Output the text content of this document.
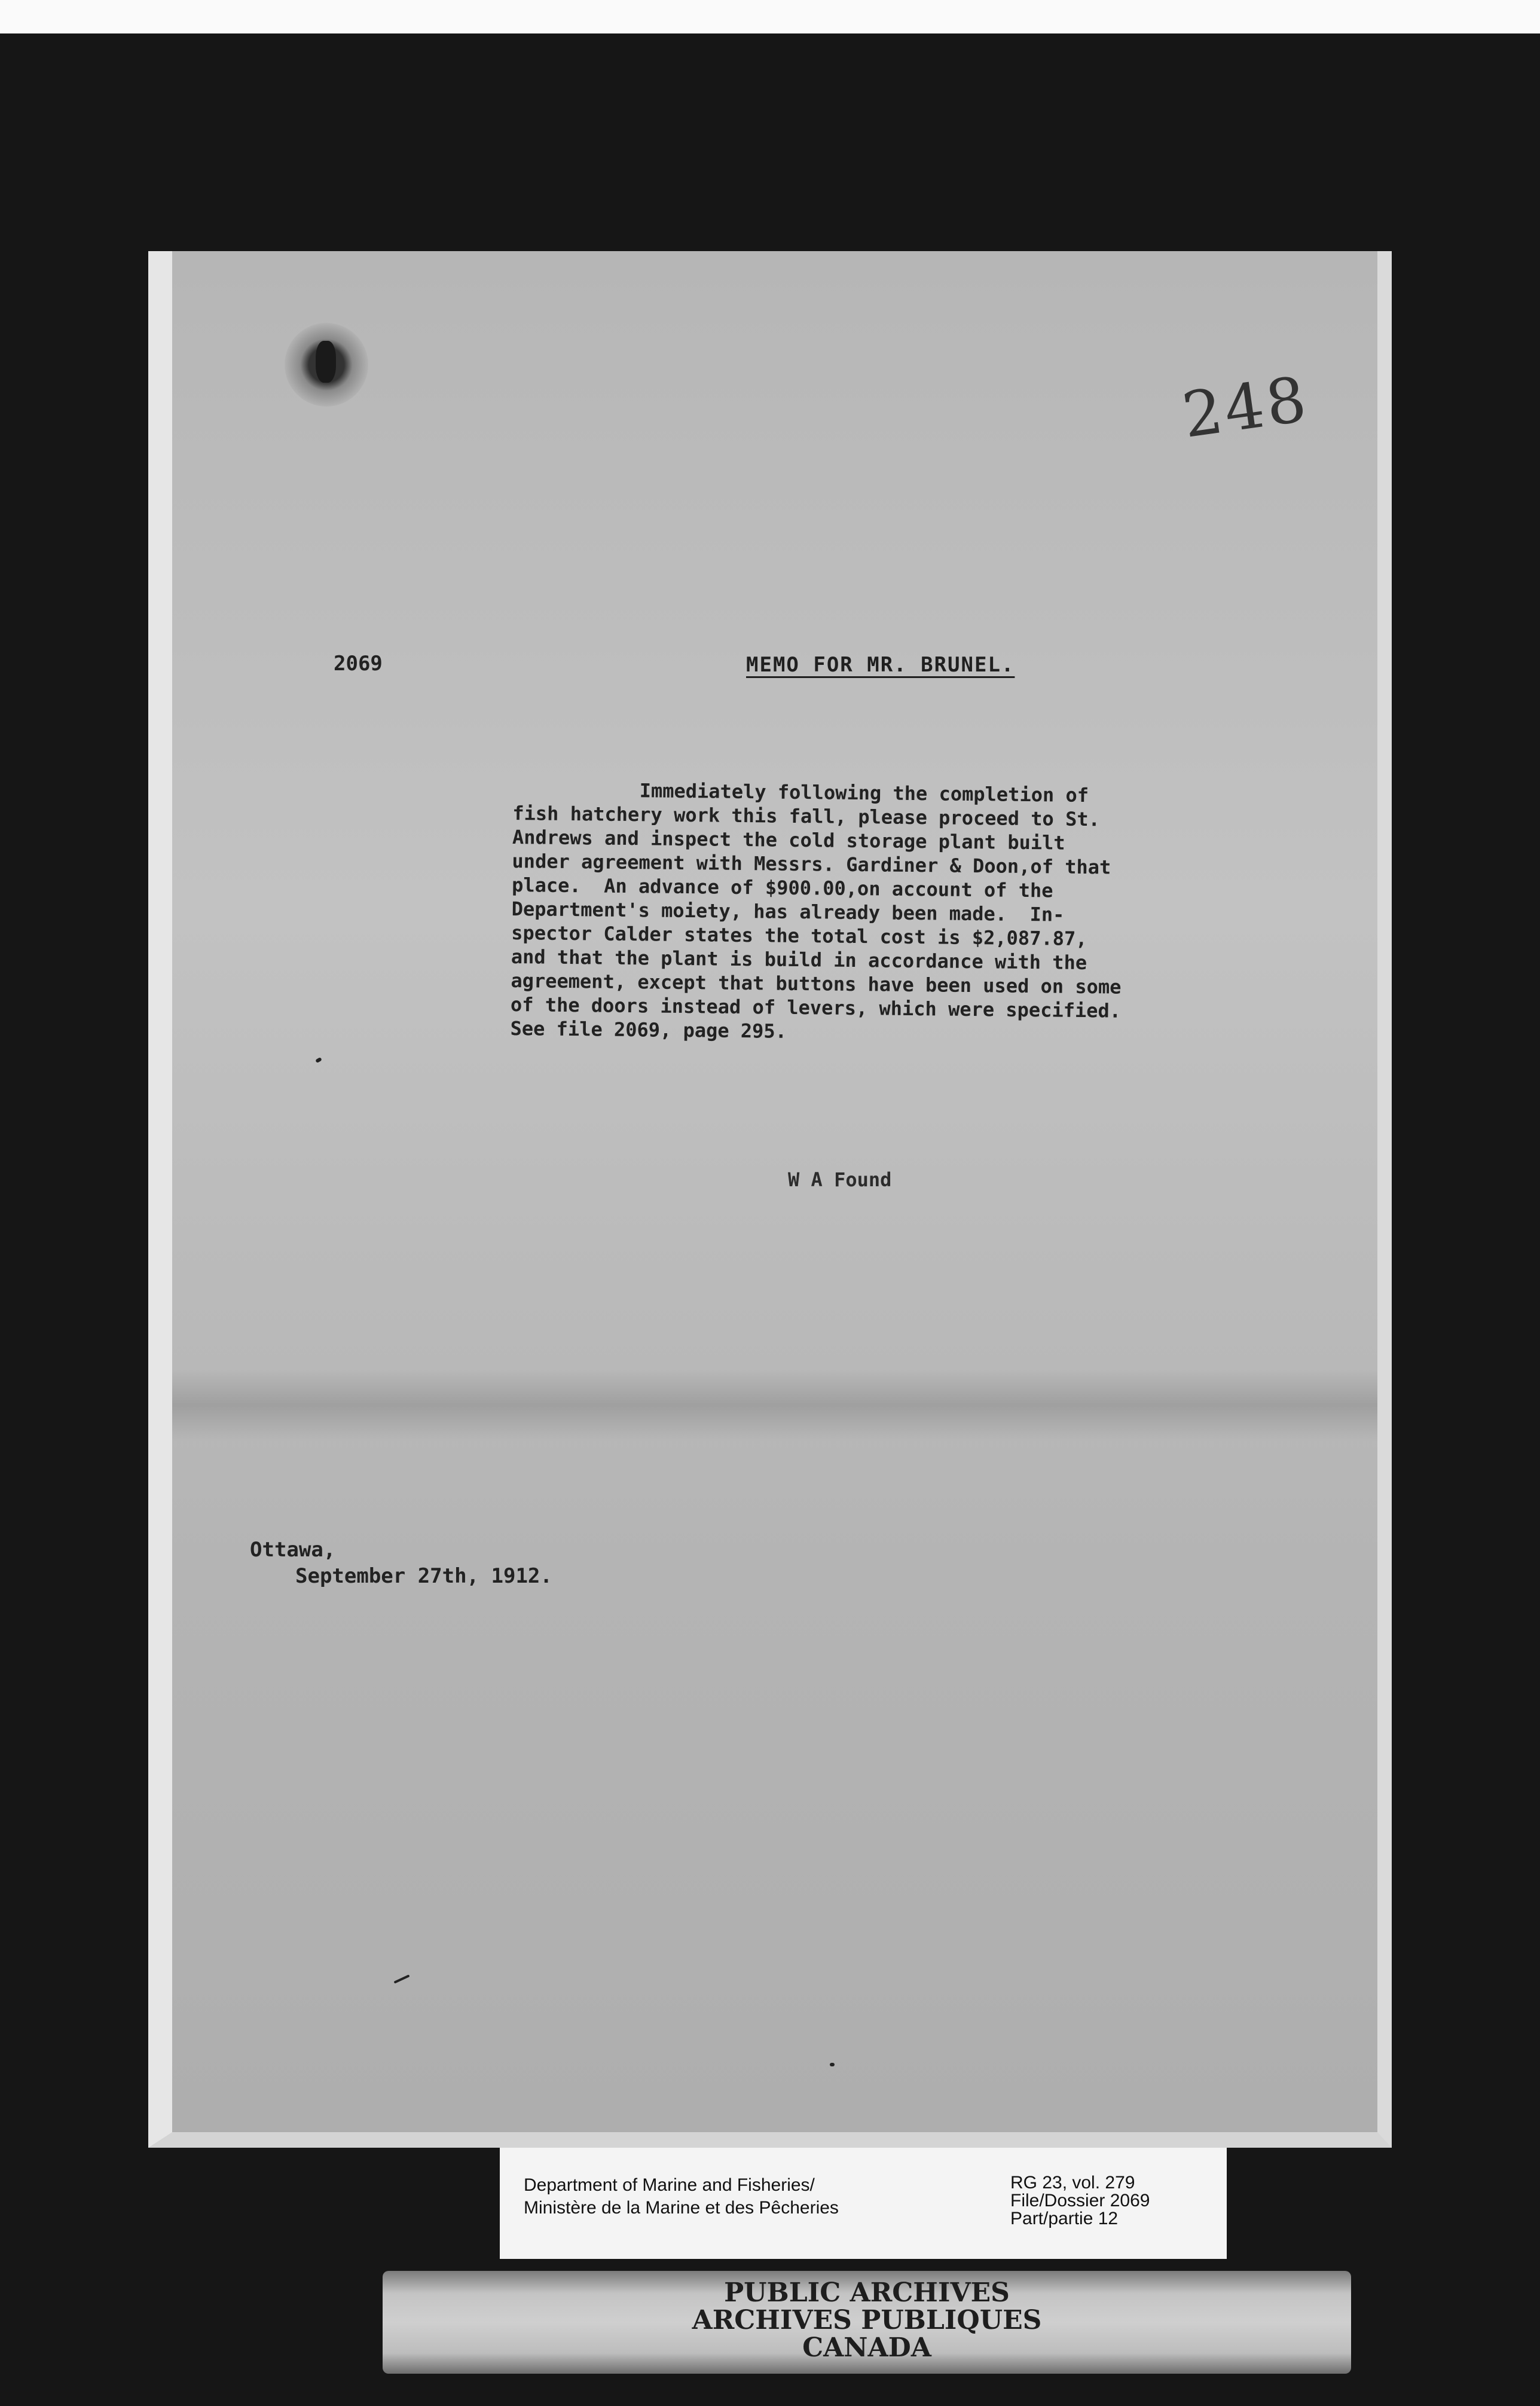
248
2069	MEMO FOR MR. BRUNEL.
Immediately following the completion of
fish hatchery work this fall, please proceed to St.
Andrews and inspect the cold storage plant built
under agreement with Messrs. Gardiner & Doon,of that
place.  An advance of $900.00,on account of the
Department's moiety, has already been made.  In-
spector Calder states the total cost is $2,087.87,
and that the plant is build in accordance with the
agreement, except that buttons have been used on some
of the doors instead of levers, which were specified.
See file 2069, page 295.
W A Found
Ottawa,
September 27th, 1912.
Department of Marine and Fisheries/
Ministère de la Marine et des Pêcheries
RG 23, vol. 279
File/Dossier 2069
Part/partie 12
PUBLIC ARCHIVES
ARCHIVES PUBLIQUES
CANADA
